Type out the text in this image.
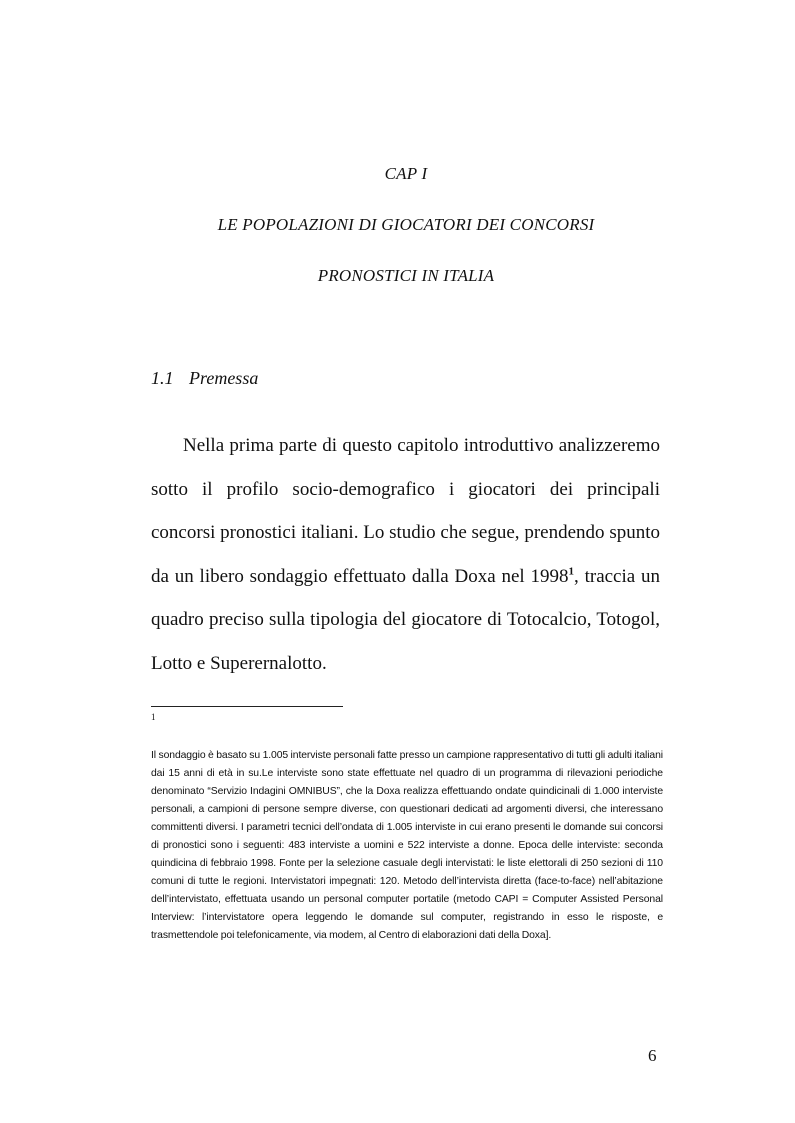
CAP I
LE POPOLAZIONI DI GIOCATORI DEI CONCORSI
PRONOSTICI IN ITALIA
1.1 Premessa

Nella prima parte di questo capitolo introduttivo analizzeremo sotto il profilo socio-demografico i giocatori dei principali concorsi pronostici italiani. Lo studio che segue, prendendo spunto da un libero sondaggio effettuato dalla Doxa nel 1998$^1$, traccia un quadro preciso sulla tipologia del giocatore di Totocalcio, Totogol, Lotto e Superernalotto.

1

Il sondaggio è basato su 1.005 interviste personali fatte presso un campione rappresentativo di tutti gli adulti italiani dai 15 anni di età in su.Le interviste sono state effettuate nel quadro di un programma di rilevazioni periodiche denominato “Servizio Indagini OMNIBUS”, che la Doxa realizza effettuando ondate quindicinali di 1.000 interviste personali, a campioni di persone sempre diverse, con questionari dedicati ad argomenti diversi, che interessano committenti diversi. I parametri tecnici dell’ondata di 1.005 interviste in cui erano presenti le domande sui concorsi di pronostici sono i seguenti: 483 interviste a uomini e 522 interviste a donne. Epoca delle interviste: seconda quindicina di febbraio 1998. Fonte per la selezione casuale degli intervistati: le liste elettorali di 250 sezioni di 110 comuni di tutte le regioni. Intervistatori impegnati: 120. Metodo dell’intervista diretta (face-to-face) nell’abitazione dell’intervistato, effettuata usando un personal computer portatile (metodo CAPI = Computer Assisted Personal Interview: l’intervistatore opera leggendo le domande sul computer, registrando in esso le risposte, e trasmettendole poi telefonicamente, via modem, al Centro di elaborazioni dati della Doxa].

6
